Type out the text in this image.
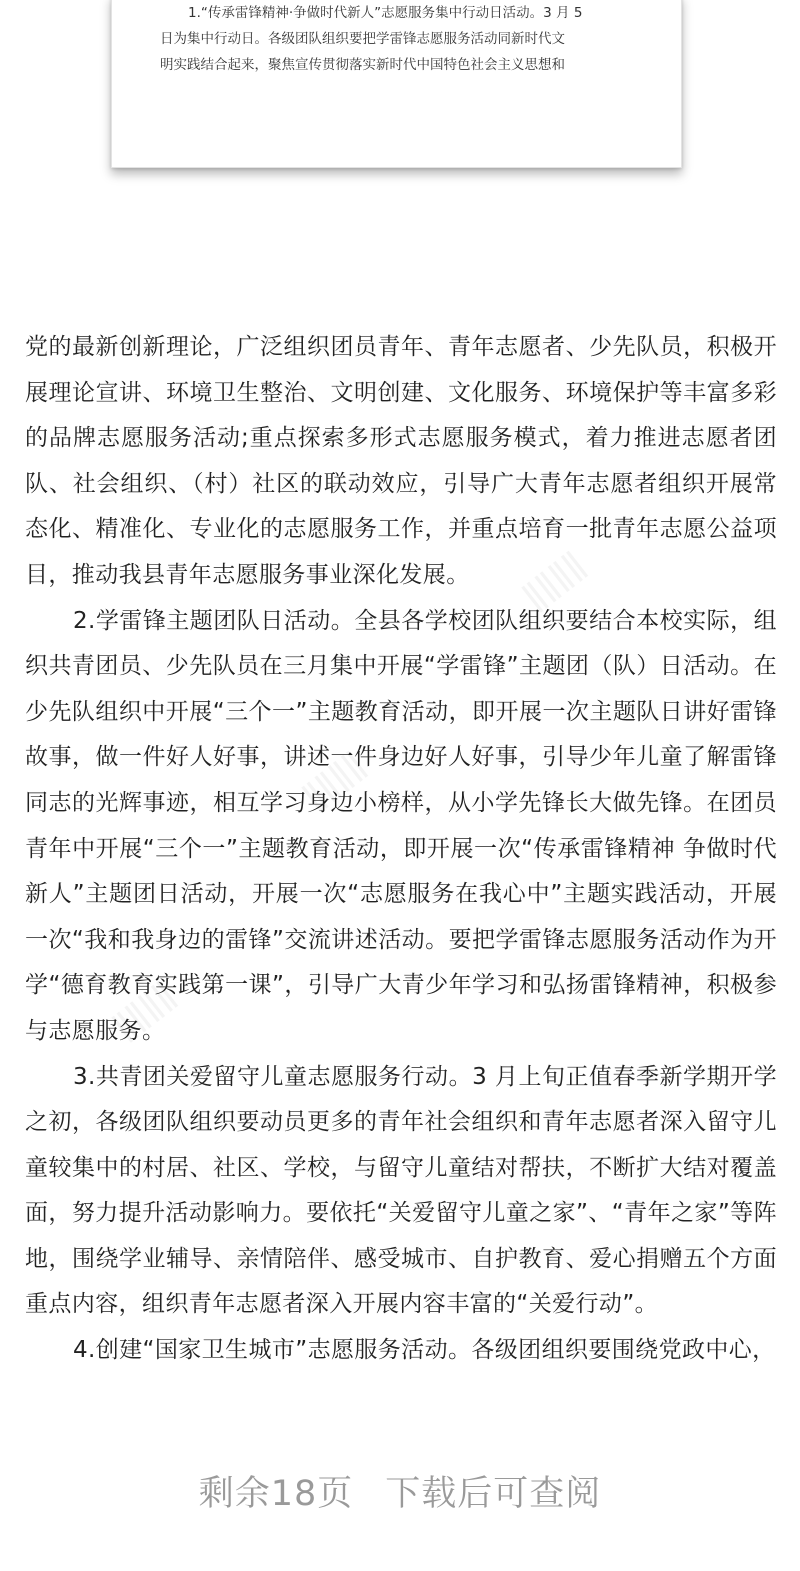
1.“传承雷锋精神·争做时代新人”志愿服务集中行动日活动。3 月 5

日为集中行动日。各级团队组织要把学雷锋志愿服务活动同新时代文

明实践结合起来，聚焦宣传贯彻落实新时代中国特色社会主义思想和

党的最新创新理论，广泛组织团员青年、青年志愿者、少先队员，积极开展理论宣讲、环境卫生整治、文明创建、文化服务、环境保护等丰富多彩的品牌志愿服务活动;重点探索多形式志愿服务模式，着力推进志愿者团队、社会组织、（村）社区的联动效应，引导广大青年志愿者组织开展常态化、精准化、专业化的志愿服务工作，并重点培育一批青年志愿公益项目，推动我县青年志愿服务事业深化发展。

2.学雷锋主题团队日活动。全县各学校团队组织要结合本校实际，组织共青团员、少先队员在三月集中开展“学雷锋”主题团（队）日活动。在少先队组织中开展“三个一”主题教育活动，即开展一次主题队日讲好雷锋故事，做一件好人好事，讲述一件身边好人好事，引导少年儿童了解雷锋同志的光辉事迹，相互学习身边小榜样，从小学先锋长大做先锋。在团员青年中开展“三个一”主题教育活动，即开展一次“传承雷锋精神 争做时代新人”主题团日活动，开展一次“志愿服务在我心中”主题实践活动，开展一次“我和我身边的雷锋”交流讲述活动。要把学雷锋志愿服务活动作为开学“德育教育实践第一课”，引导广大青少年学习和弘扬雷锋精神，积极参与志愿服务。

3.共青团关爱留守儿童志愿服务行动。3 月上旬正值春季新学期开学之初，各级团队组织要动员更多的青年社会组织和青年志愿者深入留守儿童较集中的村居、社区、学校，与留守儿童结对帮扶，不断扩大结对覆盖面，努力提升活动影响力。要依托“关爱留守儿童之家”、“青年之家”等阵地，围绕学业辅导、亲情陪伴、感受城市、自护教育、爱心捐赠五个方面重点内容，组织青年志愿者深入开展内容丰富的“关爱行动”。

4.创建“国家卫生城市”志愿服务活动。各级团组织要围绕党政中心，

剩余18页 下载后可查阅
